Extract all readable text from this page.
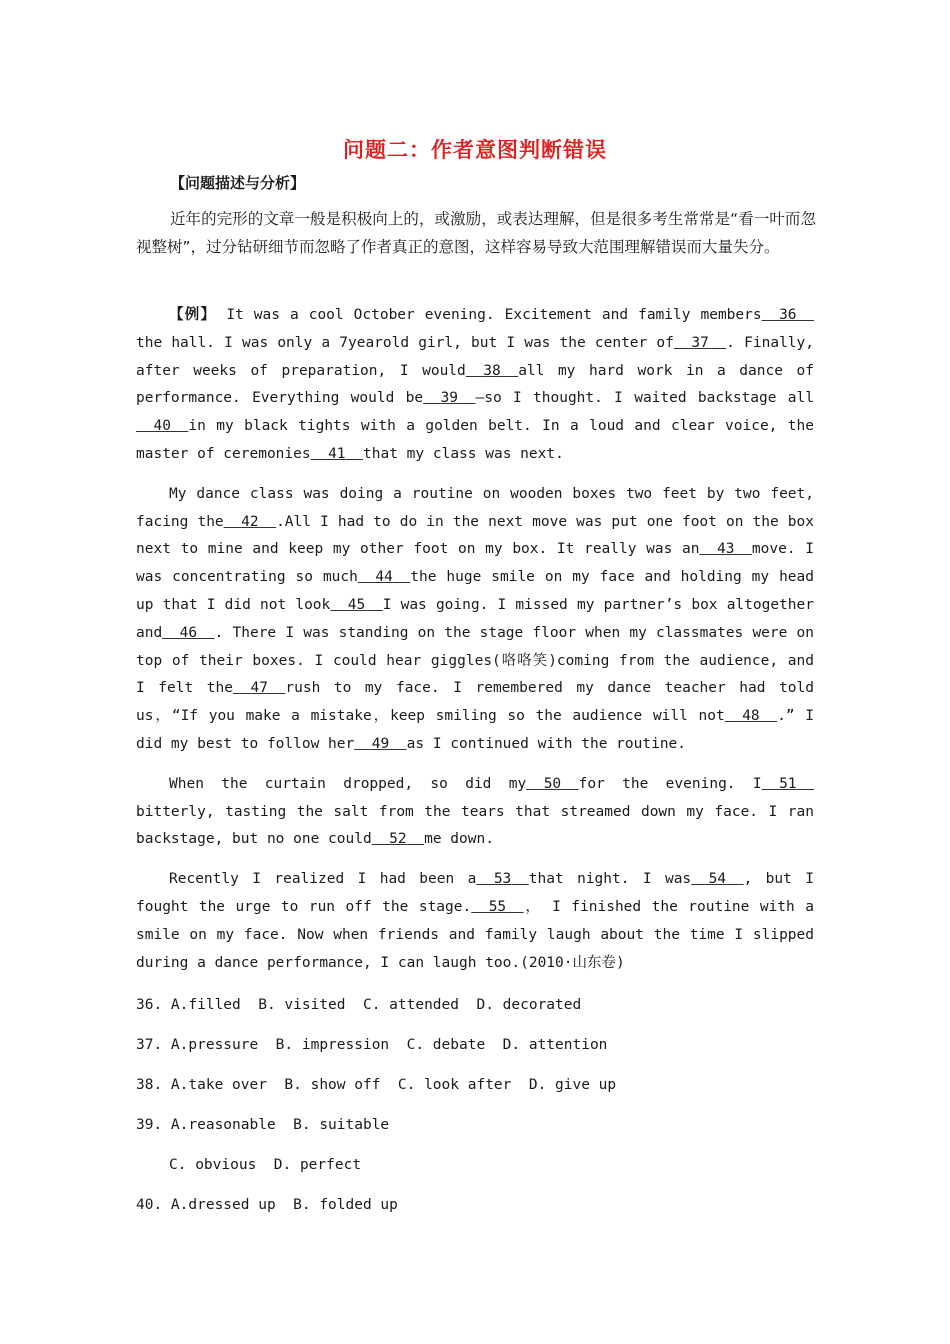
问题二：作者意图判断错误
【问题描述与分析】

近年的完形的文章一般是积极向上的，或激励，或表达理解，但是很多考生常常是“看一叶而忽视整树”，过分钻研细节而忽略了作者真正的意图，这样容易导致大范围理解错误而大量失分。

【例】 It was a cool October evening. Excitement and family members 36the hall. I was only a 7yearold girl, but I was the center of 37 . Finally, after weeks of preparation, I would 38 all my hard work in a dance of performance. Everything would be 39 —so I thought. I waited backstage all40 in my black tights with a golden belt. In a loud and clear voice, the master of ceremonies 41 that my class was next.

My dance class was doing a routine on wooden boxes two feet by two feet, facing the 42 .All I had to do in the next move was put one foot on the box next to mine and keep my other foot on my box. It really was an 43 move. I was concentrating so much 44 the huge smile on my face and holding my head up that I did not look 45 I was going. I missed my partner’s box altogether and 46 . There I was standing on the stage floor when my classmates were on top of their boxes. I could hear giggles(咯咯笑)coming from the audience, and I felt the 47 rush to my face. I remembered my dance teacher had told us，“If you make a mistake，keep smiling so the audience will not 48 .” I did my best to follow her 49 as I continued with the routine.

When the curtain dropped, so did my 50 for the evening. I 51bitterly, tasting the salt from the tears that streamed down my face. I ran backstage, but no one could 52 me down.

Recently I realized I had been a 53 that night. I was 54 , but I fought the urge to run off the stage. 55 ， I finished the routine with a smile on my face. Now when friends and family laugh about the time I slipped during a dance performance, I can laugh too.(2010·山东卷)

36. A.filled  B. visited  C. attended  D. decorated
37. A.pressure  B. impression  C. debate  D. attention
38. A.take over  B. show off  C. look after  D. give up
39. A.reasonable  B. suitable
C. obvious  D. perfect
40. A.dressed up  B. folded up
